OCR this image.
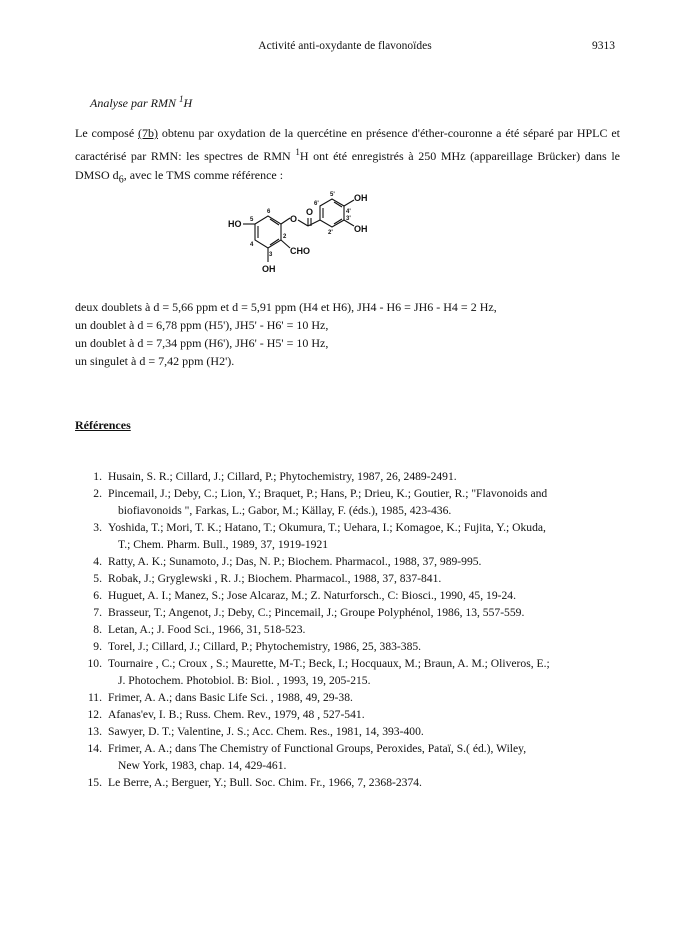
Activité anti-oxydante de flavonoïdes	9313
Analyse par RMN $^1$H
Le composé (7b) obtenu par oxydation de la quercétine en présence d'éther-couronne a été séparé par HPLC et caractérisé par RMN: les spectres de RMN $^1$H ont été enregistrés à 250 MHz (appareillage Brücker) dans le DMSO $d_6$, avec le TMS comme référence :
HO
OH
CHO
O
O
OH
OH
5
6
4
3
2
5'
6'
4'
3'
2'
deux doublets à d = 5,66 ppm et d = 5,91 ppm (H4 et H6), JH4 - H6 = JH6 - H4 = 2 Hz,
un doublet à d = 6,78 ppm (H5'), JH5' - H6' = 10 Hz,
un doublet à d = 7,34 ppm (H6'), JH6' - H5' = 10 Hz,
un singulet à d = 7,42 ppm (H2').
Références
1. Husain, S. R.; Cillard, J.; Cillard, P.; Phytochemistry, 1987, 26, 2489-2491.
2. Pincemail, J.; Deby, C.; Lion, Y.; Braquet, P.; Hans, P.; Drieu, K.; Goutier, R.; "Flavonoids and
biofiavonoids ", Farkas, L.; Gabor, M.; Källay, F. (éds.), 1985, 423-436.
3. Yoshida, T.; Mori, T. K.; Hatano, T.; Okumura, T.; Uehara, I.; Komagoe, K.; Fujita, Y.; Okuda,
T.; Chem. Pharm. Bull., 1989, 37, 1919-1921
4. Ratty, A. K.; Sunamoto, J.; Das, N. P.; Biochem. Pharmacol., 1988, 37, 989-995.
5. Robak, J.; Gryglewski , R. J.; Biochem. Pharmacol., 1988, 37, 837-841.
6. Huguet, A. I.; Manez, S.; Jose Alcaraz, M.; Z. Naturforsch., C: Biosci., 1990, 45, 19-24.
7. Brasseur, T.; Angenot, J.; Deby, C.; Pincemail, J.; Groupe Polyphénol, 1986, 13, 557-559.
8. Letan, A.; J. Food Sci., 1966, 31, 518-523.
9. Torel, J.; Cillard, J.; Cillard, P.; Phytochemistry, 1986, 25, 383-385.
10. Tournaire , C.; Croux , S.; Maurette, M-T.; Beck, I.; Hocquaux, M.; Braun, A. M.; Oliveros, E.;
J. Photochem. Photobiol. B: Biol. , 1993, 19, 205-215.
11. Frimer, A. A.; dans Basic Life Sci. , 1988, 49, 29-38.
12. Afanas'ev, I. B.; Russ. Chem. Rev., 1979, 48 , 527-541.
13. Sawyer, D. T.; Valentine, J. S.; Acc. Chem. Res., 1981, 14, 393-400.
14. Frimer, A. A.; dans The Chemistry of Functional Groups, Peroxides, Pataï, S.( éd.), Wiley,
New York, 1983, chap. 14, 429-461.
15. Le Berre, A.; Berguer, Y.; Bull. Soc. Chim. Fr., 1966, 7, 2368-2374.
